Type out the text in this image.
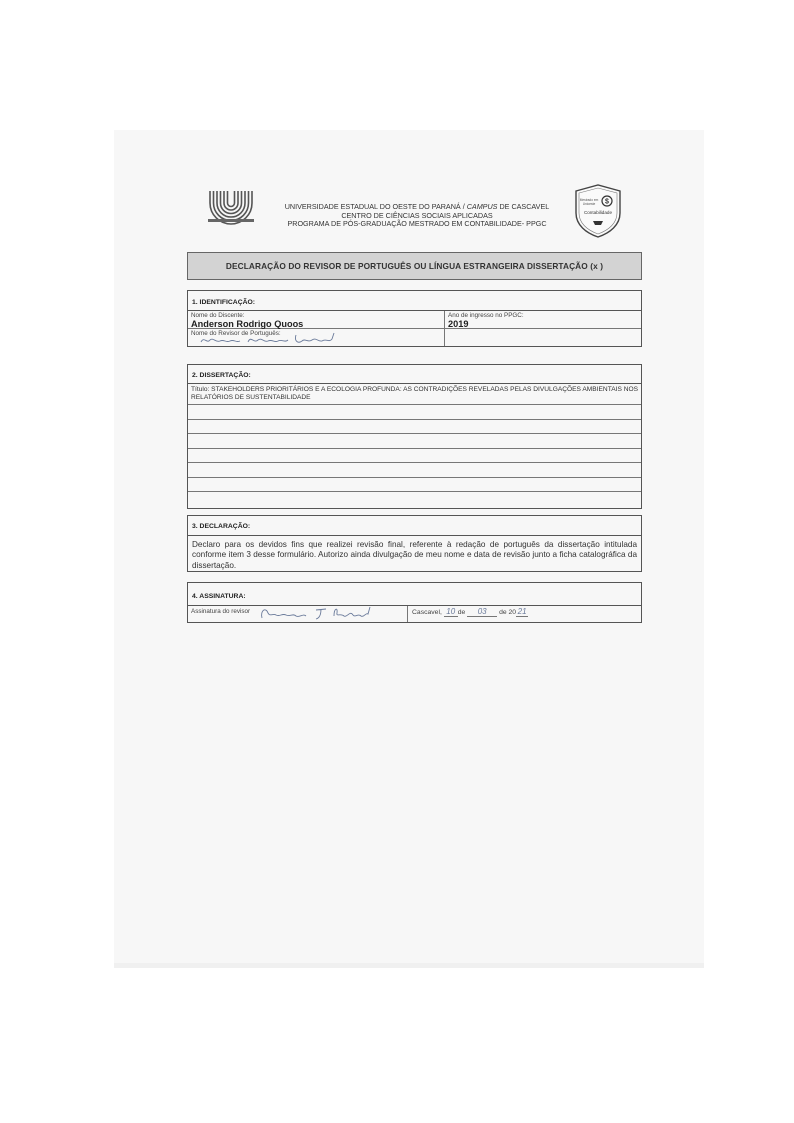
UNIVERSIDADE ESTADUAL DO OESTE DO PARANÁ / CAMPUS DE CASCAVEL
CENTRO DE CIÊNCIAS SOCIAIS APLICADAS
PROGRAMA DE PÓS-GRADUAÇÃO MESTRADO EM CONTABILIDADE- PPGC
$
Mestrado em
Unioeste
Contabilidade
DECLARAÇÃO DO REVISOR DE PORTUGUÊS OU LÍNGUA ESTRANGEIRA DISSERTAÇÃO (x )
1. IDENTIFICAÇÃO:
Nome do Discente:
Anderson Rodrigo Quoos
Ano de ingresso no PPGC:
2019
Nome do Revisor de Português:
2. DISSERTAÇÃO:
Título: STAKEHOLDERS PRIORITÁRIOS E A ECOLOGIA PROFUNDA: AS CONTRADIÇÕES REVELADAS PELAS DIVULGAÇÕES AMBIENTAIS NOS RELATÓRIOS DE SUSTENTABILIDADE
3. DECLARAÇÃO:
Declaro para os devidos fins que realizei revisão final, referente à redação de português da dissertação intitulada conforme item 3 desse formulário. Autorizo ainda divulgação de meu nome e data de revisão junto a ficha catalográfica da dissertação.
4. ASSINATURA:
Assinatura do revisor	Cascavel, 10 de 03 de 20 21
